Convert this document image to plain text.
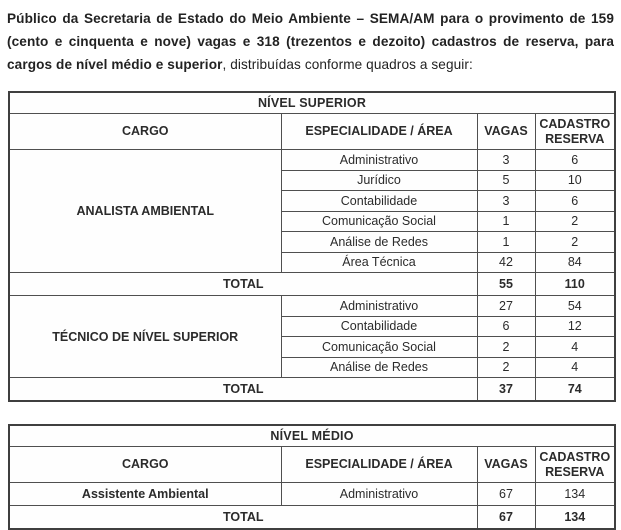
Público da Secretaria de Estado do Meio Ambiente – SEMA/AM para o provimento de 159 (cento e cinquenta e nove) vagas e 318 (trezentos e dezoito) cadastros de reserva, para cargos de nível médio e superior, distribuídas conforme quadros a seguir:

NÍVEL SUPERIOR			
CARGO	ESPECIALIDADE / ÁREA	VAGAS	CADASTRO RESERVA
ANALISTA AMBIENTAL	Administrativo	3	6
	Jurídico	5	10
	Contabilidade	3	6
	Comunicação Social	1	2
	Análise de Redes	1	2
	Área Técnica	42	84
TOTAL		55	110
TÉCNICO DE NÍVEL SUPERIOR	Administrativo	27	54
	Contabilidade	6	12
	Comunicação Social	2	4
	Análise de Redes	2	4
TOTAL		37	74
NÍVEL MÉDIO			
CARGO	ESPECIALIDADE / ÁREA	VAGAS	CADASTRO RESERVA
Assistente Ambiental	Administrativo	67	134
TOTAL		67	134
